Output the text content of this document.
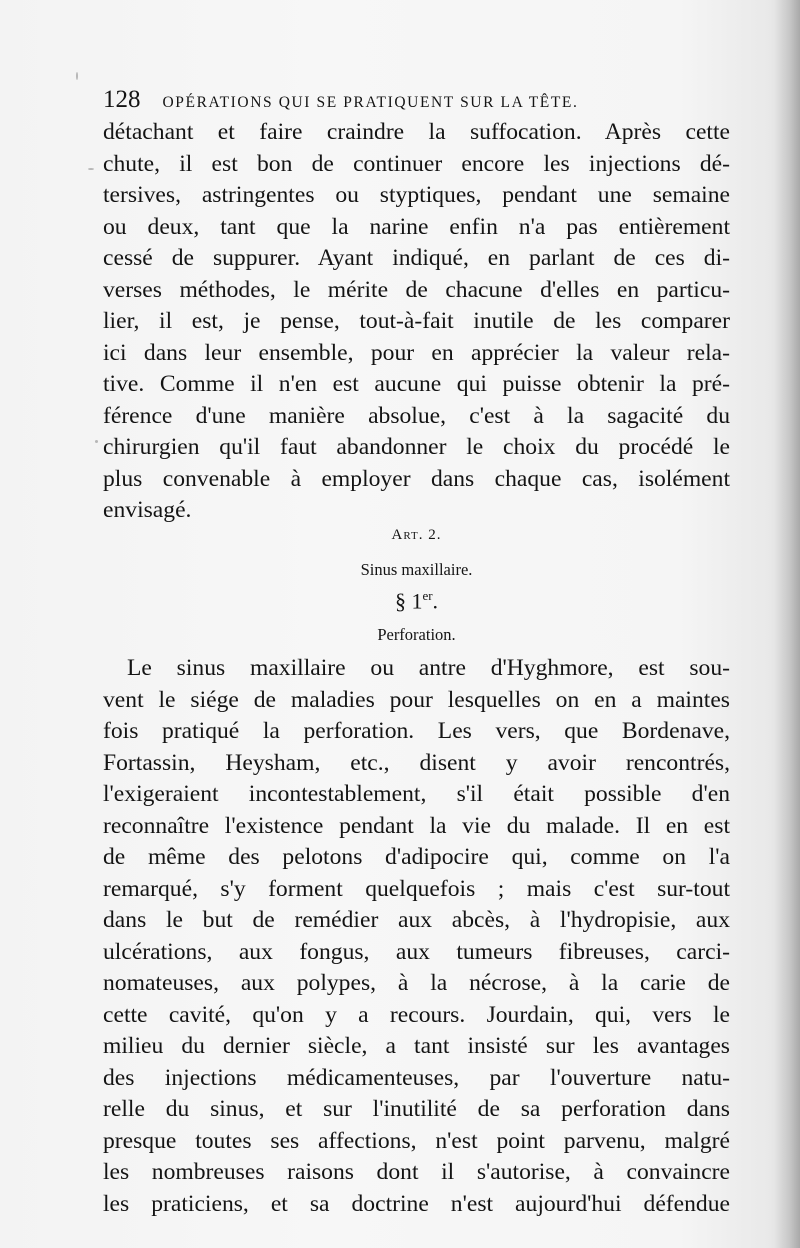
128 OPÉRATIONS QUI SE PRATIQUENT SUR LA TÊTE.
détachant et faire craindre la suffocation. Après cette
chute, il est bon de continuer encore les injections dé-
tersives, astringentes ou styptiques, pendant une semaine
ou deux, tant que la narine enfin n'a pas entièrement
cessé de suppurer. Ayant indiqué, en parlant de ces di-
verses méthodes, le mérite de chacune d'elles en particu-
lier, il est, je pense, tout-à-fait inutile de les comparer
ici dans leur ensemble, pour en apprécier la valeur rela-
tive. Comme il n'en est aucune qui puisse obtenir la pré-
férence d'une manière absolue, c'est à la sagacité du
chirurgien qu'il faut abandonner le choix du procédé le
plus convenable à employer dans chaque cas, isolément
envisagé.
Art. 2.
Sinus maxillaire.
§ 1er.
Perforation.
Le sinus maxillaire ou antre d'Hyghmore, est sou-
vent le siége de maladies pour lesquelles on en a maintes
fois pratiqué la perforation. Les vers, que Bordenave,
Fortassin, Heysham, etc., disent y avoir rencontrés,
l'exigeraient incontestablement, s'il était possible d'en
reconnaître l'existence pendant la vie du malade. Il en est
de même des pelotons d'adipocire qui, comme on l'a
remarqué, s'y forment quelquefois ; mais c'est sur-tout
dans le but de remédier aux abcès, à l'hydropisie, aux
ulcérations, aux fongus, aux tumeurs fibreuses, carci-
nomateuses, aux polypes, à la nécrose, à la carie de
cette cavité, qu'on y a recours. Jourdain, qui, vers le
milieu du dernier siècle, a tant insisté sur les avantages
des injections médicamenteuses, par l'ouverture natu-
relle du sinus, et sur l'inutilité de sa perforation dans
presque toutes ses affections, n'est point parvenu, malgré
les nombreuses raisons dont il s'autorise, à convaincre
les praticiens, et sa doctrine n'est aujourd'hui défendue
